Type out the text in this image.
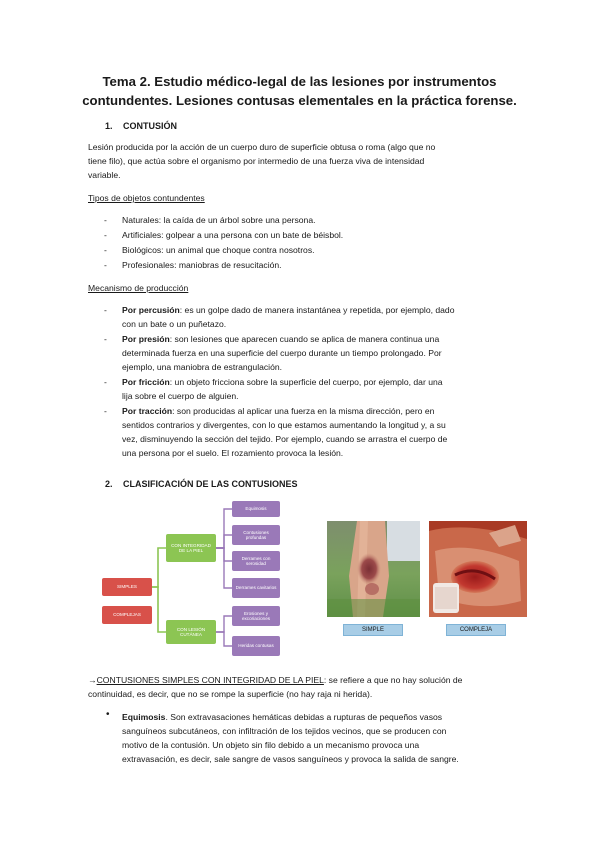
Tema 2. Estudio médico-legal de las lesiones por instrumentos
contundentes. Lesiones contusas elementales en la práctica forense.
1. CONTUSIÓN
Lesión producida por la acción de un cuerpo duro de superficie obtusa o roma (algo que no
tiene filo), que actúa sobre el organismo por intermedio de una fuerza viva de intensidad
variable.
Tipos de objetos contundentes
- Naturales: la caída de un árbol sobre una persona.
- Artificiales: golpear a una persona con un bate de béisbol.
- Biológicos: un animal que choque contra nosotros.
- Profesionales: maniobras de resucitación.
Mecanismo de producción
- Por percusión: es un golpe dado de manera instantánea y repetida, por ejemplo, dado
con un bate o un puñetazo.
- Por presión: son lesiones que aparecen cuando se aplica de manera continua una
determinada fuerza en una superficie del cuerpo durante un tiempo prolongado. Por
ejemplo, una maniobra de estrangulación.
- Por fricción: un objeto fricciona sobre la superficie del cuerpo, por ejemplo, dar una
lija sobre el cuerpo de alguien.
- Por tracción: son producidas al aplicar una fuerza en la misma dirección, pero en
sentidos contrarios y divergentes, con lo que estamos aumentando la longitud y, a su
vez, disminuyendo la sección del tejido. Por ejemplo, cuando se arrastra el cuerpo de
una persona por el suelo. El rozamiento provoca la lesión.
2. CLASIFICACIÓN DE LAS CONTUSIONES
SIMPLES
COMPLEJAS
CON INTEGRIDAD DE LA PIEL
CON LESIÓN CUTÁNEA
Equimosis
Contusiones profundas
Derrames con serosidad
Derrames cavitarios
Erosiones y excoriaciones
Heridas contusas
SIMPLE	COMPLEJA
→CONTUSIONES SIMPLES CON INTEGRIDAD DE LA PIEL: se refiere a que no hay solución de
continuidad, es decir, que no se rompe la superficie (no hay raja ni herida).
• Equimosis. Son extravasaciones hemáticas debidas a rupturas de pequeños vasos
sanguíneos subcutáneos, con infiltración de los tejidos vecinos, que se producen con
motivo de la contusión. Un objeto sin filo debido a un mecanismo provoca una
extravasación, es decir, sale sangre de vasos sanguíneos y provoca la salida de sangre.
